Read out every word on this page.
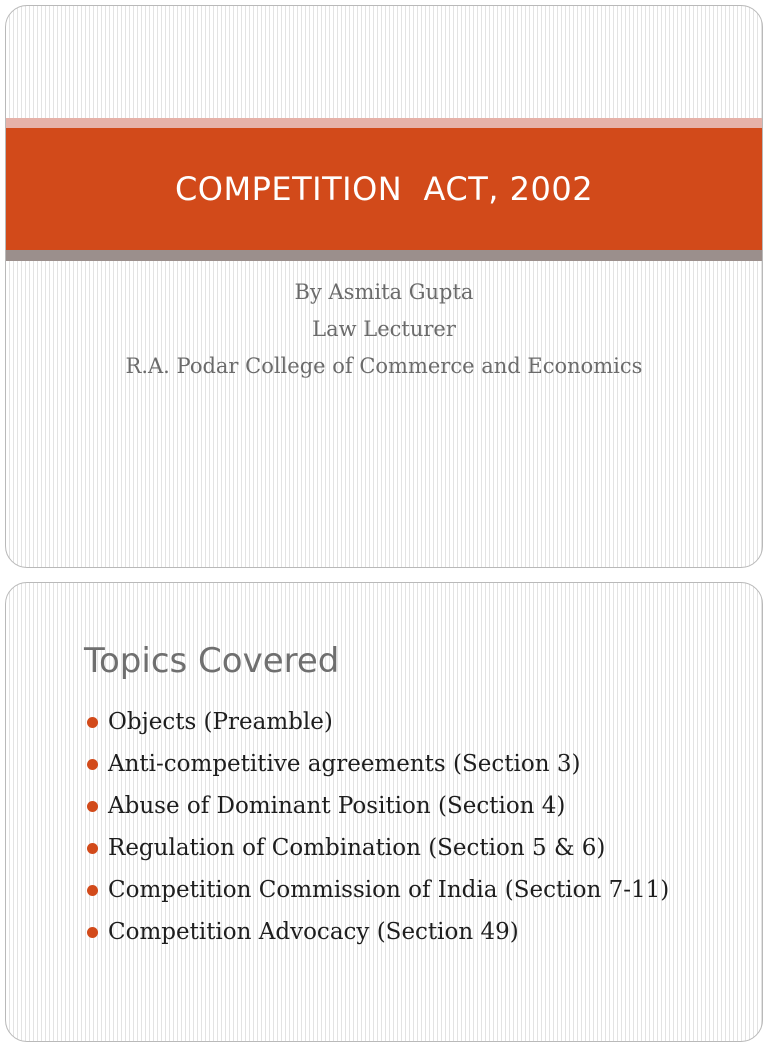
COMPETITION  ACT, 2002
By Asmita Gupta
Law Lecturer
R.A. Podar College of Commerce and Economics
Topics Covered
Objects (Preamble)
Anti-competitive agreements (Section 3)
Abuse of Dominant Position (Section 4)
Regulation of Combination (Section 5 & 6)
Competition Commission of India (Section 7-11)
Competition Advocacy (Section 49)
